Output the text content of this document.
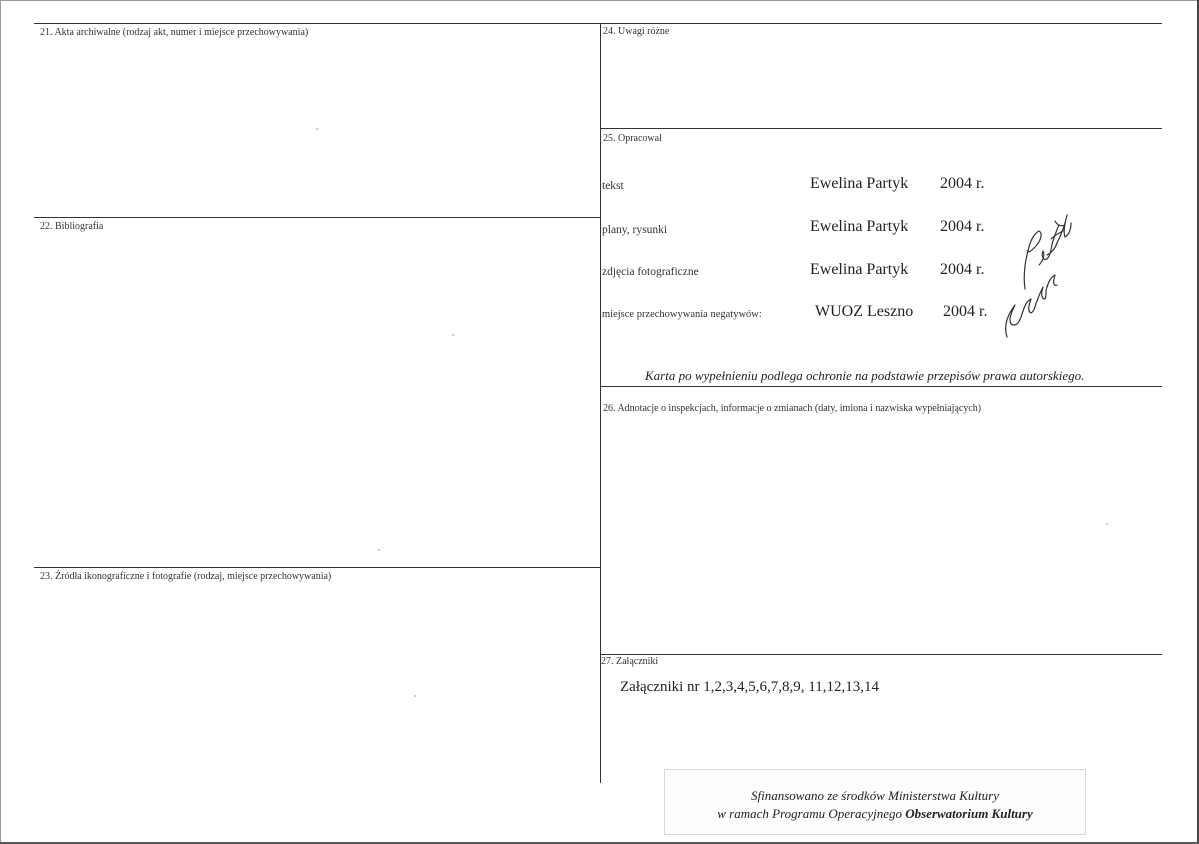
21. Akta archiwalne (rodzaj akt, numer i miejsce przechowywania)
22. Bibliografia
23. Źródła ikonograficzne i fotografie (rodzaj, miejsce przechowywania)
24. Uwagi różne
25. Opracował
26. Adnotacje o inspekcjach, informacje o zmianach (daty, imiona i nazwiska wypełniających)
27. Załączniki
tekst	Ewelina Partyk 2004 r.
plany, rysunki	Ewelina Partyk 2004 r.
zdjęcia fotograficzne	Ewelina Partyk 2004 r.
miejsce przechowywania negatywów:	WUOZ Leszno 2004 r.
Karta po wypełnieniu podlega ochronie na podstawie przepisów prawa autorskiego.
Załączniki nr 1,2,3,4,5,6,7,8,9, 11,12,13,14
Sfinansowano ze środków Ministerstwa Kultury
w ramach Programu Operacyjnego Obserwatorium Kultury
